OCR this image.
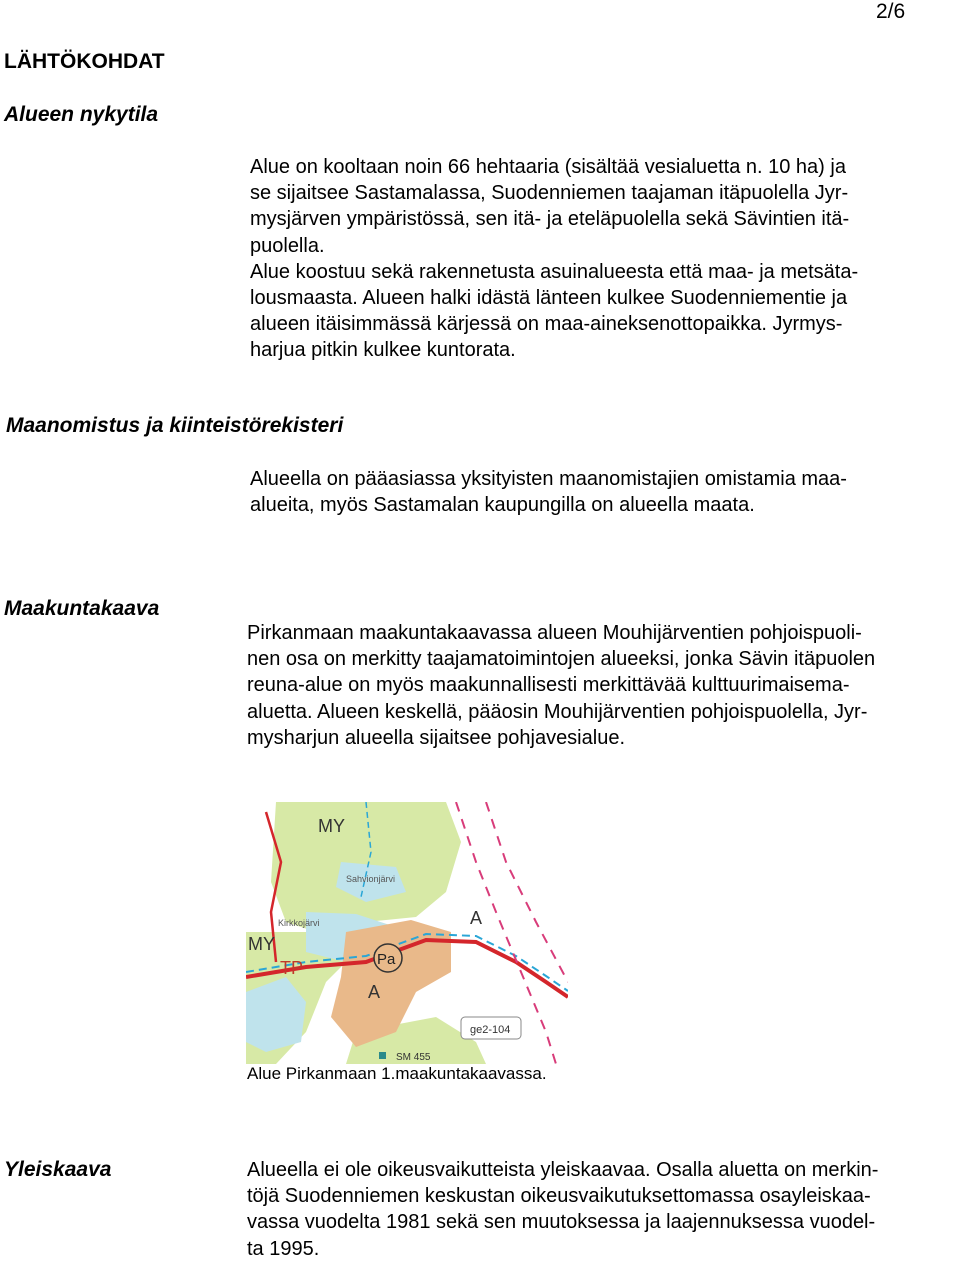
2/6
LÄHTÖKOHDAT
Alueen nykytila
Alue on kooltaan noin 66 hehtaaria (sisältää vesialuetta n. 10 ha) ja
se sijaitsee Sastamalassa, Suodenniemen taajaman itäpuolella Jyr-
mysjärven ympäristössä, sen itä- ja eteläpuolella sekä Sävintien itä-
puolella.
Alue koostuu sekä rakennetusta asuinalueesta että maa- ja metsäta-
lousmaasta. Alueen halki idästä länteen kulkee Suodenniementie ja
alueen itäisimmässä kärjessä on maa-aineksenottopaikka. Jyrmys-
harjua pitkin kulkee kuntorata.
Maanomistus ja kiinteistörekisteri
Alueella on pääasiassa yksityisten maanomistajien omistamia maa-
alueita, myös Sastamalan kaupungilla on alueella maata.
Maakuntakaava
Pirkanmaan maakuntakaavassa alueen Mouhijärventien pohjoispuoli-
nen osa on merkitty taajamatoimintojen alueeksi, jonka Sävin itäpuolen
reuna-alue on myös maakunnallisesti merkittävää kulttuurimaisema-
aluetta. Alueen keskellä, pääosin Mouhijärventien pohjoispuolella, Jyr-
mysharjun alueella sijaitsee pohjavesialue.
MY
Sahvionjärvi
Kirkkojärvi
MY
TP
A
Pa
A
ge2-104
SM 455
Alue Pirkanmaan 1.maakuntakaavassa.
Yleiskaava	Alueella ei ole oikeusvaikutteista yleiskaavaa. Osalla aluetta on merkin-
töjä Suodenniemen keskustan oikeusvaikutuksettomassa osayleiskaa-
vassa vuodelta 1981 sekä sen muutoksessa ja laajennuksessa vuodel-
ta 1995.
